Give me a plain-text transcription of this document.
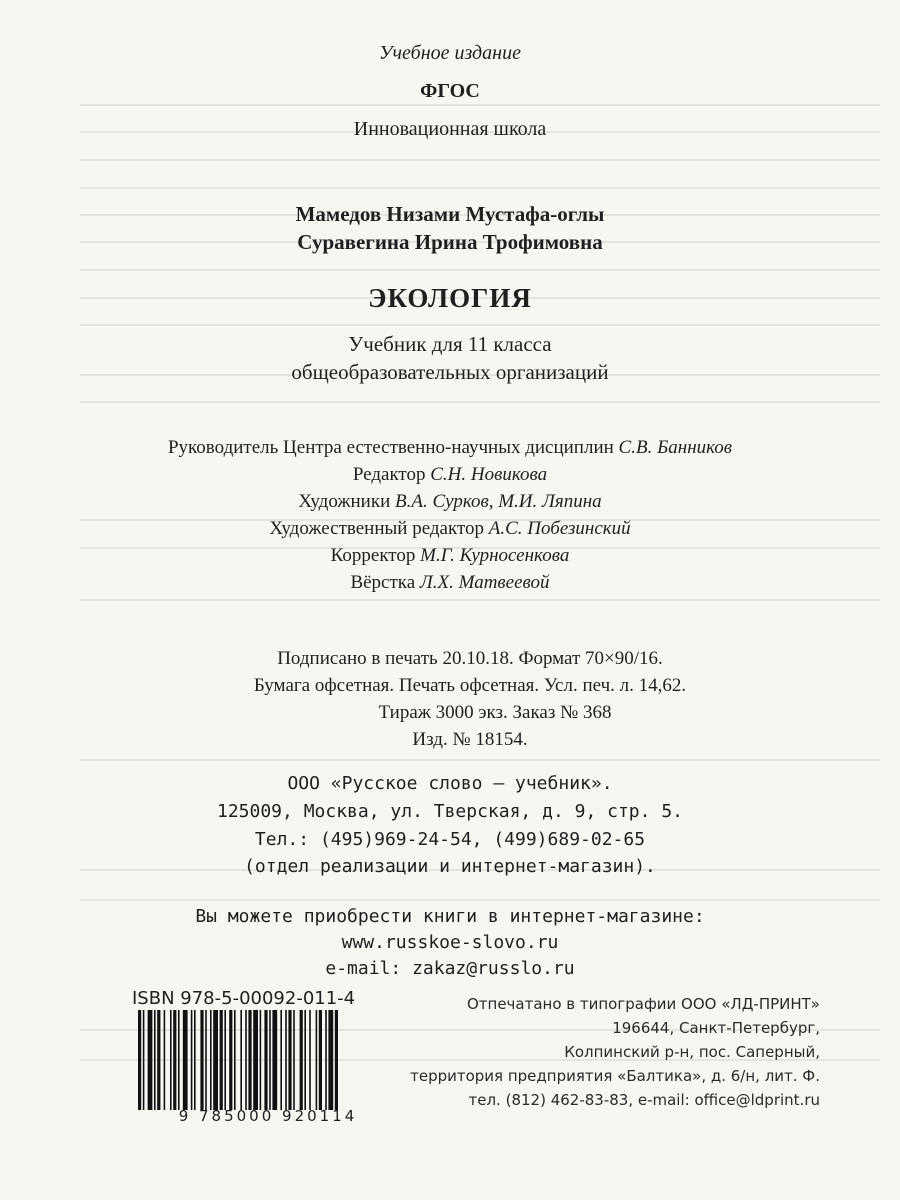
Учебное издание
ФГОС
Инновационная школа
Мамедов Низами Мустафа-оглы
Суравегина Ирина Трофимовна
ЭКОЛОГИЯ
Учебник для 11 класса
общеобразовательных организаций
Руководитель Центра естественно-научных дисциплин С.В. Банников
Редактор С.Н. Новикова
Художники В.А. Сурков, М.И. Ляпина
Художественный редактор А.С. Побезинский
Корректор М.Г. Курносенкова
Вёрстка Л.Х. Матвеевой
Подписано в печать 20.10.18. Формат 70×90/16.
Бумага офсетная. Печать офсетная. Усл. печ. л. 14,62.
Тираж 3000 экз. Заказ № 368
Изд. № 18154.
ООО «Русское слово — учебник».
125009, Москва, ул. Тверская, д. 9, стр. 5.
Тел.: (495)969-24-54, (499)689-02-65
(отдел реализации и интернет-магазин).
Вы можете приобрести книги в интернет-магазине:
www.russkoe-slovo.ru
e-mail: zakaz@russlo.ru
ISBN 978-5-00092-011-4
9 785000 920114
Отпечатано в типографии ООО «ЛД-ПРИНТ»
196644, Санкт-Петербург,
Колпинский р-н, пос. Саперный,
территория предприятия «Балтика», д. 6/н, лит. Ф.
тел. (812) 462-83-83, e-mail: office@ldprint.ru
